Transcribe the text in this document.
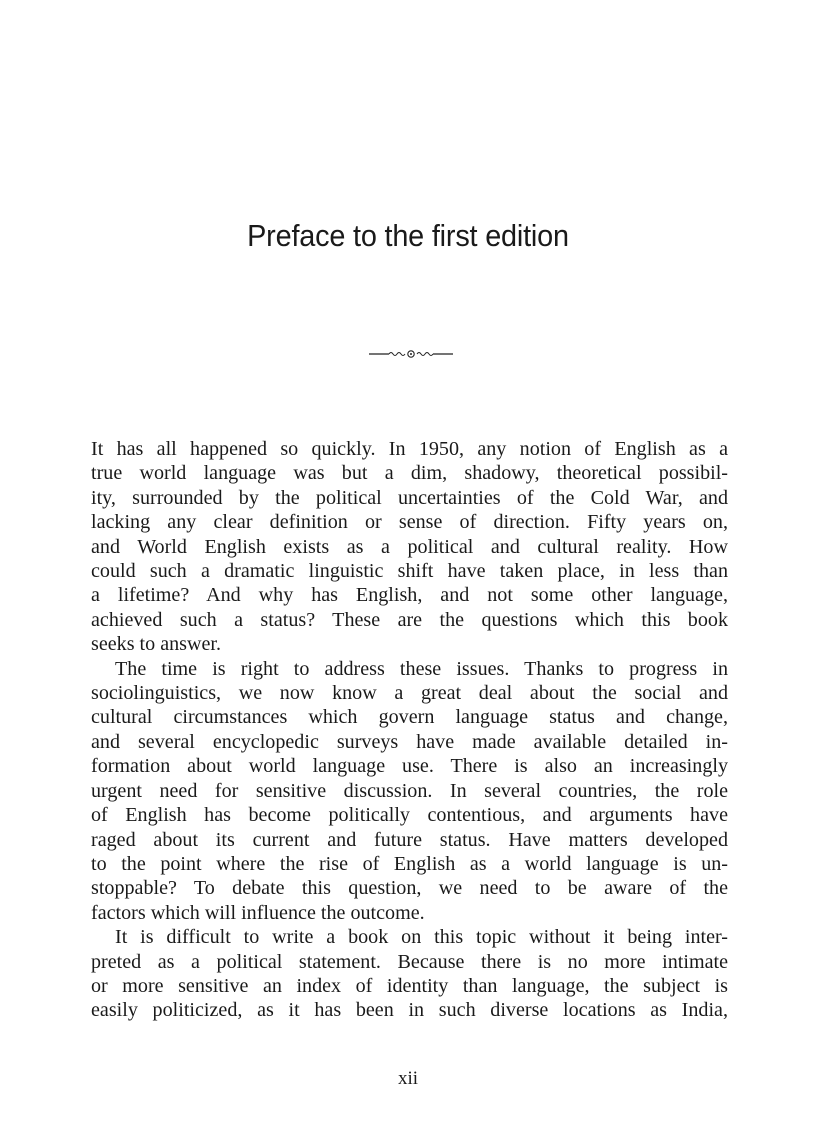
Preface to the first edition

It has all happened so quickly. In 1950, any notion of English as a
true world language was but a dim, shadowy, theoretical possibil-
ity, surrounded by the political uncertainties of the Cold War, and
lacking any clear definition or sense of direction. Fifty years on,
and World English exists as a political and cultural reality. How
could such a dramatic linguistic shift have taken place, in less than
a lifetime? And why has English, and not some other language,
achieved such a status? These are the questions which this book
seeks to answer.

The time is right to address these issues. Thanks to progress in
sociolinguistics, we now know a great deal about the social and
cultural circumstances which govern language status and change,
and several encyclopedic surveys have made available detailed in-
formation about world language use. There is also an increasingly
urgent need for sensitive discussion. In several countries, the role
of English has become politically contentious, and arguments have
raged about its current and future status. Have matters developed
to the point where the rise of English as a world language is un-
stoppable? To debate this question, we need to be aware of the
factors which will influence the outcome.

It is difficult to write a book on this topic without it being inter-
preted as a political statement. Because there is no more intimate
or more sensitive an index of identity than language, the subject is
easily politicized, as it has been in such diverse locations as India,

xii
